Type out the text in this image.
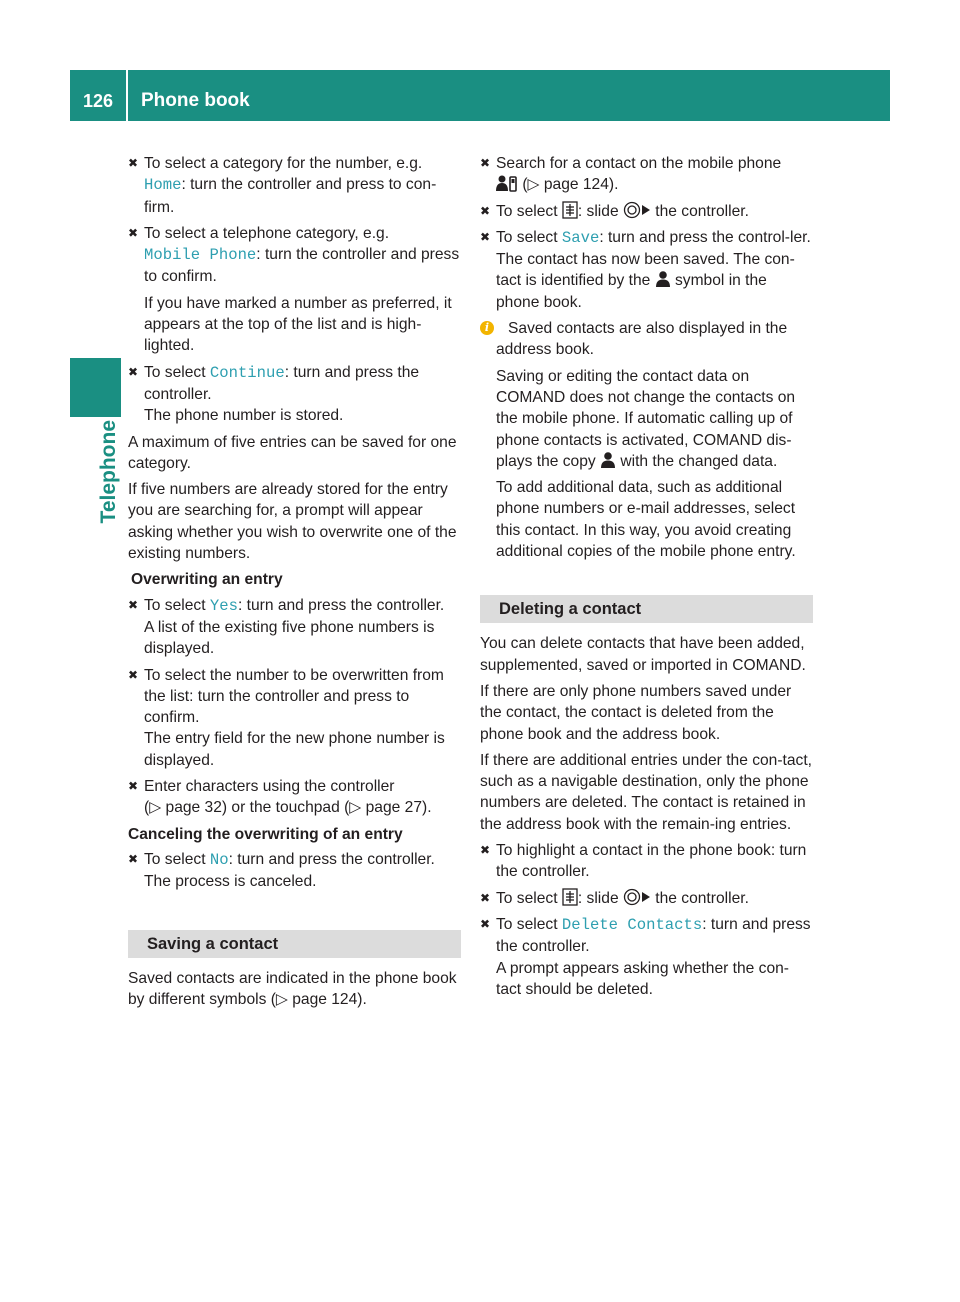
126	Phone book
Telephone
✖︎ To select a category for the number, e.g.
Home: turn the controller and press to con-firm.
✖︎ To select a telephone category, e.g.
Mobile Phone: turn the controller and press to confirm.
If you have marked a number as preferred, it appears at the top of the list and is high-lighted.
✖︎ To select Continue: turn and press the controller.
The phone number is stored.

A maximum of five entries can be saved for one category.

If five numbers are already stored for the entry you are searching for, a prompt will appear asking whether you wish to overwrite one of the existing numbers.

Overwriting an entry
✖︎ To select Yes: turn and press the controller.
A list of the existing five phone numbers is displayed.
✖︎ To select the number to be overwritten from the list: turn the controller and press to confirm.
The entry field for the new phone number is displayed.
✖︎ Enter characters using the controller
(▷ page 32) or the touchpad (▷ page 27).
Canceling the overwriting of an entry
✖︎ To select No: turn and press the controller.
The process is canceled.
Saving a contact

Saved contacts are indicated in the phone book by different symbols (▷ page 124).

✖︎ Search for a contact on the mobile phone
(▷ page 124).
✖︎ To select : slide  the controller.
✖︎ To select Save: turn and press the control-ler.
The contact has now been saved. The con-tact is identified by the  symbol in the phone book.
i	Saved contacts are also displayed in the address book.
Saving or editing the contact data on COMAND does not change the contacts on the mobile phone. If automatic calling up of phone contacts is activated, COMAND dis-plays the copy  with the changed data.
To add additional data, such as additional phone numbers or e-mail addresses, select this contact. In this way, you avoid creating additional copies of the mobile phone entry.
Deleting a contact

You can delete contacts that have been added, supplemented, saved or imported in COMAND.

If there are only phone numbers saved under the contact, the contact is deleted from the phone book and the address book.

If there are additional entries under the con-tact, such as a navigable destination, only the phone numbers are deleted. The contact is retained in the address book with the remain-ing entries.

✖︎ To highlight a contact in the phone book: turn the controller.
✖︎ To select : slide  the controller.
✖︎ To select Delete Contacts: turn and press the controller.
A prompt appears asking whether the con-tact should be deleted.
